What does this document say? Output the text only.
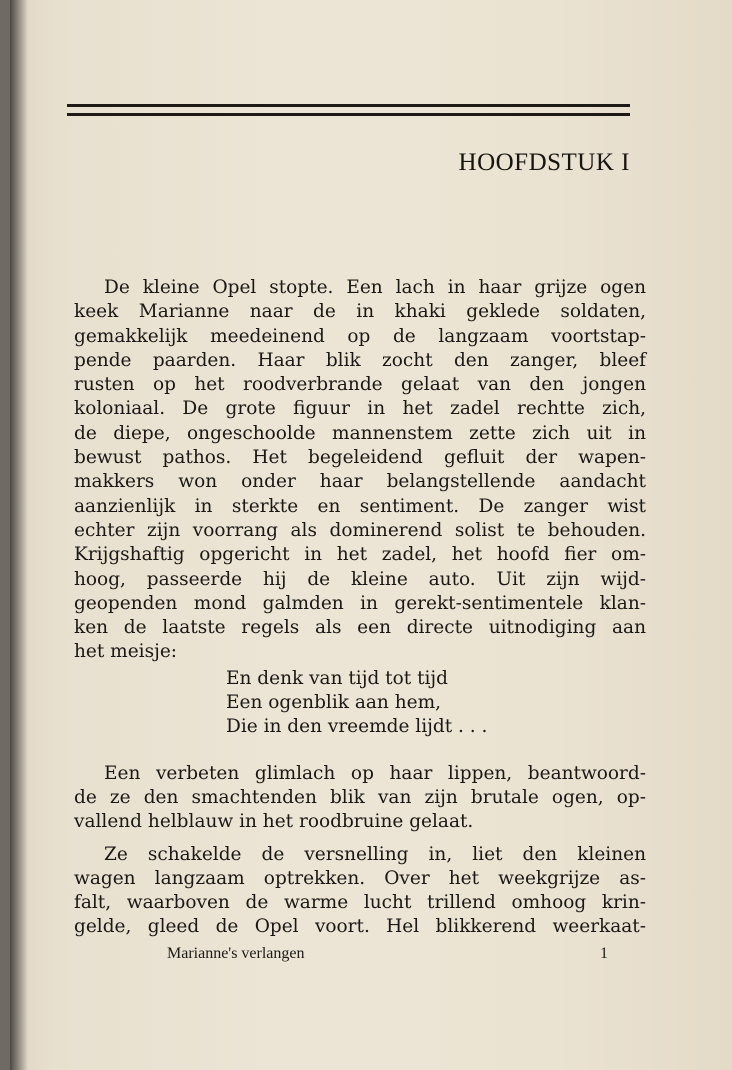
HOOFDSTUK I
De kleine Opel stopte. Een lach in haar grijze ogen
keek Marianne naar de in khaki geklede soldaten,
gemakkelijk meedeinend op de langzaam voortstap-
pende paarden. Haar blik zocht den zanger, bleef
rusten op het roodverbrande gelaat van den jongen
koloniaal. De grote figuur in het zadel rechtte zich,
de diepe, ongeschoolde mannenstem zette zich uit in
bewust pathos. Het begeleidend gefluit der wapen-
makkers won onder haar belangstellende aandacht
aanzienlijk in sterkte en sentiment. De zanger wist
echter zijn voorrang als dominerend solist te behouden.
Krijgshaftig opgericht in het zadel, het hoofd fier om-
hoog, passeerde hij de kleine auto. Uit zijn wijd-
geopenden mond galmden in gerekt-sentimentele klan-
ken de laatste regels als een directe uitnodiging aan
het meisje:
En denk van tijd tot tijd
Een ogenblik aan hem,
Die in den vreemde lijdt . . .
Een verbeten glimlach op haar lippen, beantwoord-
de ze den smachtenden blik van zijn brutale ogen, op-
vallend helblauw in het roodbruine gelaat.
Ze schakelde de versnelling in, liet den kleinen
wagen langzaam optrekken. Over het weekgrijze as-
falt, waarboven de warme lucht trillend omhoog krin-
gelde, gleed de Opel voort. Hel blikkerend weerkaat-
Marianne's verlangen	1
